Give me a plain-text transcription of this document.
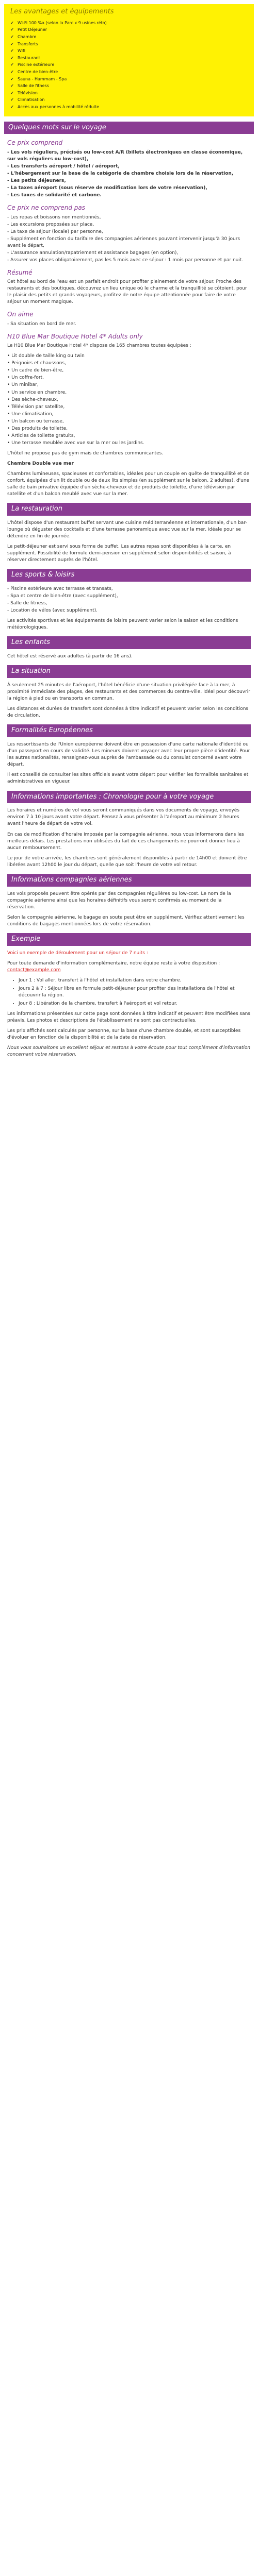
Les avantages et équipements
✔ Wi-Fi 100 %a (selon la Parc x 9 usines réto)
✔ Petit Déjeuner
✔ Chambre
✔ Transferts
✔ Wifi
✔ Restaurant
✔ Piscine extérieure
✔ Centre de bien-être
✔ Sauna - Hammam - Spa
✔ Salle de fitness
✔ Télévision
✔ Climatisation
✔ Accès aux personnes à mobilité réduite
Quelques mots sur le voyage
Ce prix comprend
- Les vols réguliers, précisés ou low-cost A/R (billets électroniques en classe économique, sur vols réguliers ou low-cost),
- Les transferts aéroport / hôtel / aéroport,
- L'hébergement sur la base de la catégorie de chambre choisie lors de la réservation,
- Les petits déjeuners,
- La taxes aéroport (sous réserve de modification lors de votre réservation),
- Les taxes de solidarité et carbone.
Ce prix ne comprend pas
- Les repas et boissons non mentionnés,
- Les excursions proposées sur place,
- La taxe de séjour (locale) par personne,
- Supplément en fonction du tarifaire des compagnies aériennes pouvant intervenir jusqu'à 30 jours avant le départ,
- L'assurance annulation/rapatriement et assistance bagages (en option),
- Assurer vos places obligatoirement, pas les 5 mois avec ce séjour : 1 mois par personne et par nuit.
Résumé

Cet hôtel au bord de l'eau est un parfait endroit pour profiter pleinement de votre séjour. Proche des restaurants et des boutiques, découvrez un lieu unique où le charme et la tranquillité se côtoient, pour le plaisir des petits et grands voyageurs, profitez de notre équipe attentionnée pour faire de votre séjour un moment magique.

On aime

- Sa situation en bord de mer.

H10 Blue Mar Boutique Hotel 4* Adults only

Le H10 Blue Mar Boutique Hotel 4* dispose de 165 chambres toutes équipées :

• Lit double de taille king ou twin
• Peignoirs et chaussons,
• Un cadre de bien-être,
• Un coffre-fort,
• Un minibar,
• Un service en chambre,
• Des sèche-cheveux,
• Télévision par satellite,
• Une climatisation,
• Un balcon ou terrasse,
• Des produits de toilette,
• Articles de toilette gratuits,
• Une terrasse meublée avec vue sur la mer ou les jardins.

L'hôtel ne propose pas de gym mais de chambres communicantes.

Chambre Double vue mer

Chambres lumineuses, spacieuses et confortables, idéales pour un couple en quête de tranquillité et de confort, équipées d'un lit double ou de deux lits simples (en supplément sur le balcon, 2 adultes), d'une salle de bain privative équipée d'un sèche-cheveux et de produits de toilette, d'une télévision par satellite et d'un balcon meublé avec vue sur la mer.

La restauration

L'hôtel dispose d'un restaurant buffet servant une cuisine méditerranéenne et internationale, d'un bar-lounge où déguster des cocktails et d'une terrasse panoramique avec vue sur la mer, idéale pour se détendre en fin de journée.

Le petit-déjeuner est servi sous forme de buffet. Les autres repas sont disponibles à la carte, en supplément. Possibilité de formule demi-pension en supplément selon disponibilités et saison, à réserver directement auprès de l'hôtel.

Les sports & loisirs
- Piscine extérieure avec terrasse et transats,
- Spa et centre de bien-être (avec supplément),
- Salle de fitness,
- Location de vélos (avec supplément).

Les activités sportives et les équipements de loisirs peuvent varier selon la saison et les conditions météorologiques.

Les enfants

Cet hôtel est réservé aux adultes (à partir de 16 ans).

La situation

À seulement 25 minutes de l'aéroport, l'hôtel bénéficie d'une situation privilégiée face à la mer, à proximité immédiate des plages, des restaurants et des commerces du centre-ville. Idéal pour découvrir la région à pied ou en transports en commun.

Les distances et durées de transfert sont données à titre indicatif et peuvent varier selon les conditions de circulation.

Formalités Européennes

Les ressortissants de l'Union européenne doivent être en possession d'une carte nationale d'identité ou d'un passeport en cours de validité. Les mineurs doivent voyager avec leur propre pièce d'identité. Pour les autres nationalités, renseignez-vous auprès de l'ambassade ou du consulat concerné avant votre départ.

Il est conseillé de consulter les sites officiels avant votre départ pour vérifier les formalités sanitaires et administratives en vigueur.

Informations importantes : Chronologie pour à votre voyage

Les horaires et numéros de vol vous seront communiqués dans vos documents de voyage, envoyés environ 7 à 10 jours avant votre départ. Pensez à vous présenter à l'aéroport au minimum 2 heures avant l'heure de départ de votre vol.

En cas de modification d'horaire imposée par la compagnie aérienne, nous vous informerons dans les meilleurs délais. Les prestations non utilisées du fait de ces changements ne pourront donner lieu à aucun remboursement.

Le jour de votre arrivée, les chambres sont généralement disponibles à partir de 14h00 et doivent être libérées avant 12h00 le jour du départ, quelle que soit l'heure de votre vol retour.

Informations compagnies aériennes

Les vols proposés peuvent être opérés par des compagnies régulières ou low-cost. Le nom de la compagnie aérienne ainsi que les horaires définitifs vous seront confirmés au moment de la réservation.

Selon la compagnie aérienne, le bagage en soute peut être en supplément. Vérifiez attentivement les conditions de bagages mentionnées lors de votre réservation.

Exemple

Voici un exemple de déroulement pour un séjour de 7 nuits :

Pour toute demande d'information complémentaire, notre équipe reste à votre disposition : contact@example.com

• Jour 1 : Vol aller, transfert à l'hôtel et installation dans votre chambre.
• Jours 2 à 7 : Séjour libre en formule petit-déjeuner pour profiter des installations de l'hôtel et découvrir la région.
• Jour 8 : Libération de la chambre, transfert à l'aéroport et vol retour.

Les informations présentées sur cette page sont données à titre indicatif et peuvent être modifiées sans préavis. Les photos et descriptions de l'établissement ne sont pas contractuelles.

Les prix affichés sont calculés par personne, sur la base d'une chambre double, et sont susceptibles d'évoluer en fonction de la disponibilité et de la date de réservation.

Nous vous souhaitons un excellent séjour et restons à votre écoute pour tout complément d'information concernant votre réservation.
